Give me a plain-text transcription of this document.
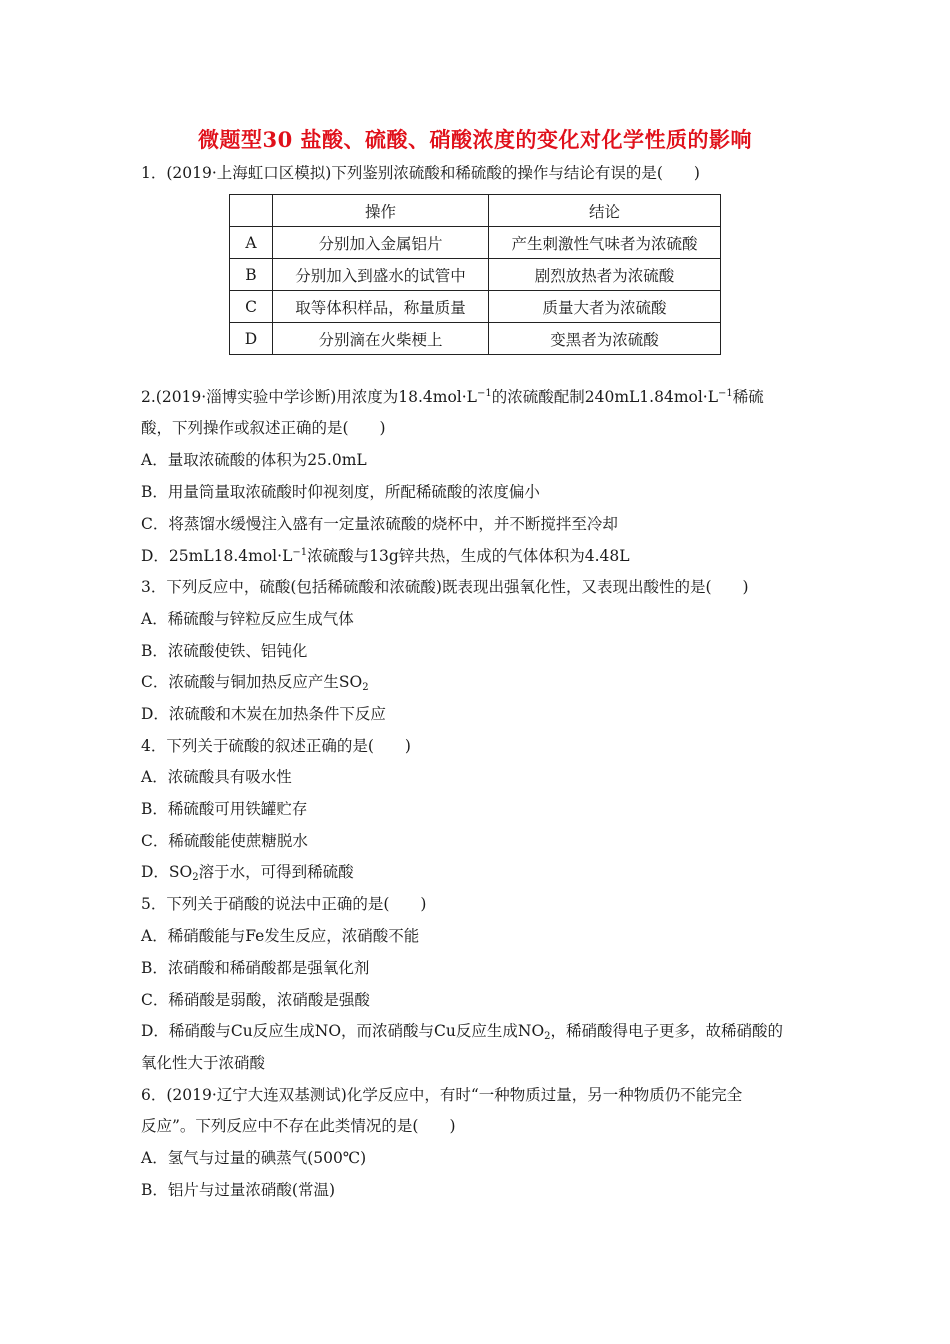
微题型30 盐酸、硫酸、硝酸浓度的变化对化学性质的影响
1．(2019·上海虹口区模拟)下列鉴别浓硫酸和稀硫酸的操作与结论有误的是(　　)
	操作	结论
A	分别加入金属铝片	产生刺激性气味者为浓硫酸
B	分别加入到盛水的试管中	剧烈放热者为浓硫酸
C	取等体积样品，称量质量	质量大者为浓硫酸
D	分别滴在火柴梗上	变黑者为浓硫酸
2.(2019·淄博实验中学诊断)用浓度为$18.4mol\cdot L^{-1}$的浓硫酸配制$240mL1.84mol\cdot L^{-1}$稀硫
酸，下列操作或叙述正确的是(　　)
A．量取浓硫酸的体积为25.0mL
B．用量筒量取浓硫酸时仰视刻度，所配稀硫酸的浓度偏小
C．将蒸馏水缓慢注入盛有一定量浓硫酸的烧杯中，并不断搅拌至冷却
D．$25mL18.4mol\cdot L^{-1}$浓硫酸与13g锌共热，生成的气体体积为4.48L
3．下列反应中，硫酸(包括稀硫酸和浓硫酸)既表现出强氧化性，又表现出酸性的是(　　)
A．稀硫酸与锌粒反应生成气体
B．浓硫酸使铁、铝钝化
C．浓硫酸与铜加热反应产生$SO_2$
D．浓硫酸和木炭在加热条件下反应
4．下列关于硫酸的叙述正确的是(　　)
A．浓硫酸具有吸水性
B．稀硫酸可用铁罐贮存
C．稀硫酸能使蔗糖脱水
D．$SO_2$溶于水，可得到稀硫酸
5．下列关于硝酸的说法中正确的是(　　)
A．稀硝酸能与Fe发生反应，浓硝酸不能
B．浓硝酸和稀硝酸都是强氧化剂
C．稀硝酸是弱酸，浓硝酸是强酸
D．稀硝酸与Cu反应生成NO，而浓硝酸与Cu反应生成$NO_2$，稀硝酸得电子更多，故稀硝酸的
氧化性大于浓硝酸
6．(2019·辽宁大连双基测试)化学反应中，有时“一种物质过量，另一种物质仍不能完全
反应”。下列反应中不存在此类情况的是(　　)
A．氢气与过量的碘蒸气(500℃)
B．铝片与过量浓硝酸(常温)
